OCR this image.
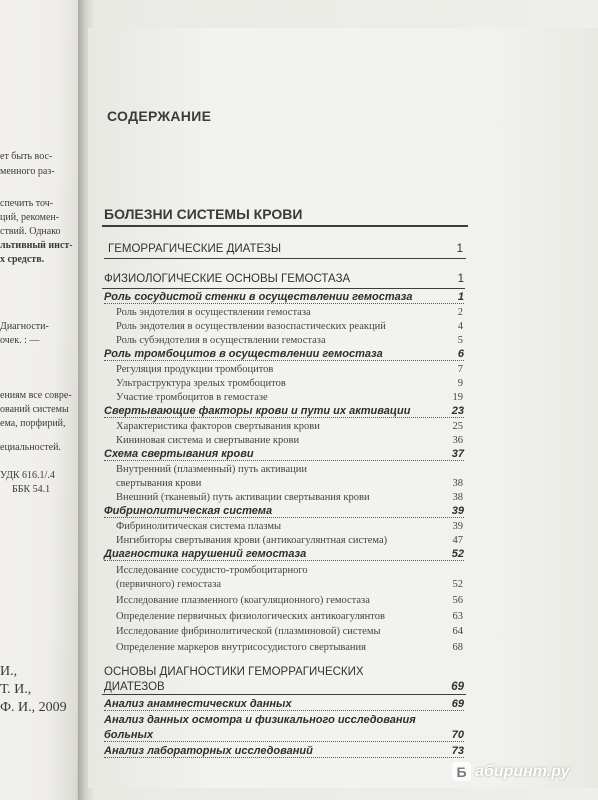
ет быть вос-
менного раз-
спечить точ-
ций, рекомен-
ствий. Однако
льтивный инст-
х средств.
Диагности-
очек. : —
ениям все совре-
ований системы
ема, порфирий,
ециальностей.
УДК 616.1/.4
ББК 54.1
И.,
Т. И.,
Ф. И., 2009
СОДЕРЖАНИЕ
БОЛЕЗНИ СИСТЕМЫ КРОВИ
ГЕМОРРАГИЧЕСКИЕ ДИАТЕЗЫ	1
ФИЗИОЛОГИЧЕСКИЕ ОСНОВЫ ГЕМОСТАЗА	1
Роль сосудистой стенки в осуществлении гемостаза	1
Роль эндотелия в осуществлении гемостаза	2
Роль эндотелия в осуществлении вазоспастических реакций	4
Роль субэндотелия в осуществлении гемостаза	5
Роль тромбоцитов в осуществлении гемостаза	6
Регуляция продукции тромбоцитов	7
Ультраструктура зрелых тромбоцитов	9
Участие тромбоцитов в гемостазе	19
Свертывающие факторы крови и пути их активации	23
Характеристика факторов свертывания крови	25
Кининовая система и свертывание крови	36
Схема свертывания крови	37
Внутренний (плазменный) путь активации
свертывания крови	38
Внешний (тканевый) путь активации свертывания крови	38
Фибринолитическая система	39
Фибринолитическая система плазмы	39
Ингибиторы свертывания крови (антикоагулянтная система)	47
Диагностика нарушений гемостаза	52
Исследование сосудисто-тромбоцитарного
(первичного) гемостаза	52
Исследование плазменного (коагуляционного) гемостаза	56
Определение первичных физиологических антикоагулянтов	63
Исследование фибринолитической (плазминовой) системы	64
Определение маркеров внутрисосудистого свертывания	68
ОСНОВЫ ДИАГНОСТИКИ ГЕМОРРАГИЧЕСКИХ
ДИАТЕЗОВ	69
Анализ анамнестических данных	69
Анализ данных осмотра и физикального исследования
больных	70
Анализ лабораторных исследований	73
Б абиринт.ру
